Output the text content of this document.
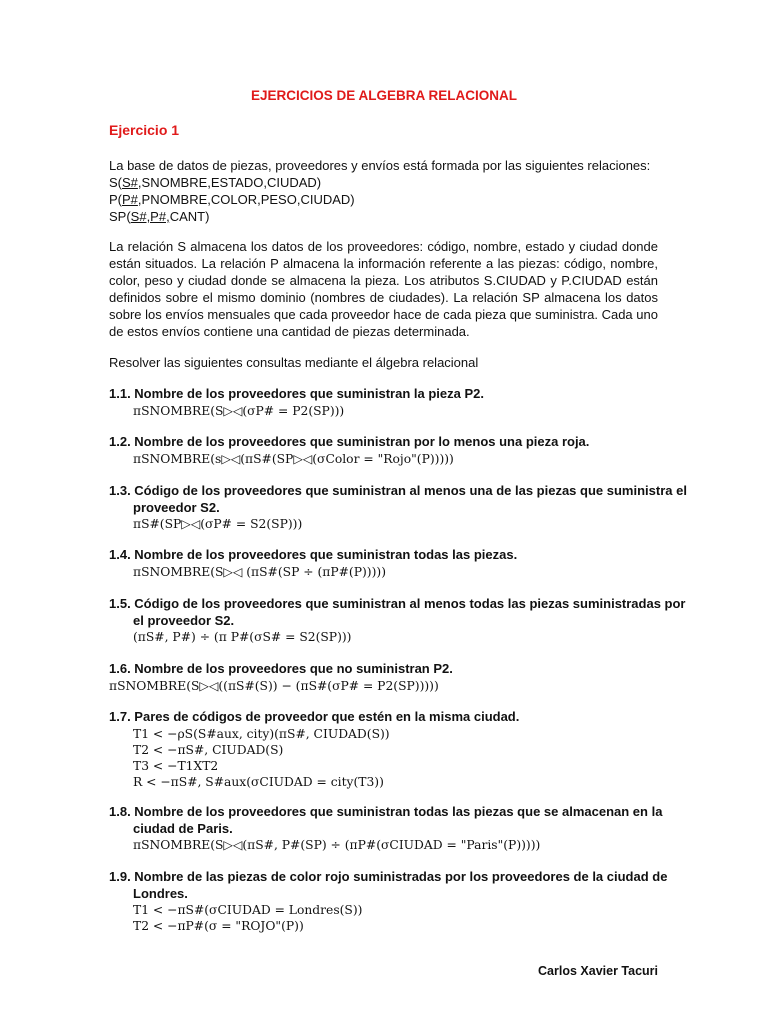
EJERCICIOS DE ALGEBRA RELACIONAL
Ejercicio 1
La base de datos de piezas, proveedores y envíos está formada por las siguientes relaciones:
S(S#,SNOMBRE,ESTADO,CIUDAD)
P(P#,PNOMBRE,COLOR,PESO,CIUDAD)
SP(S#,P#,CANT)
La relación S almacena los datos de los proveedores: código, nombre, estado y ciudad donde están situados. La relación P almacena la información referente a las piezas: código, nombre, color, peso y ciudad donde se almacena la pieza. Los atributos S.CIUDAD y P.CIUDAD están definidos sobre el mismo dominio (nombres de ciudades). La relación SP almacena los datos sobre los envíos mensuales que cada proveedor hace de cada pieza que suministra. Cada uno de estos envíos contiene una cantidad de piezas determinada.
Resolver las siguientes consultas mediante el álgebra relacional
1.1. Nombre de los proveedores que suministran la pieza P2.
πSNOMBRE(S▷◁(σP# = P2(SP)))
1.2. Nombre de los proveedores que suministran por lo menos una pieza roja.
πSNOMBRE(s▷◁(πS#(SP▷◁(σColor = "Rojo"(P)))))
1.3. Código de los proveedores que suministran al menos una de las piezas que suministra el
proveedor S2.
πS#(SP▷◁(σP# = S2(SP)))
1.4. Nombre de los proveedores que suministran todas las piezas.
πSNOMBRE(S▷◁ (πS#(SP ÷ (πP#(P)))))
1.5. Código de los proveedores que suministran al menos todas las piezas suministradas por
el proveedor S2.
(πS#, P#) ÷ (π P#(σS# = S2(SP)))
1.6. Nombre de los proveedores que no suministran P2.
πSNOMBRE(S▷◁((πS#(S)) − (πS#(σP# = P2(SP)))))
1.7. Pares de códigos de proveedor que estén en la misma ciudad.
T1 < −ρS(S#aux, city)(πS#, CIUDAD(S))
T2 < −πS#, CIUDAD(S)
T3 < −T1XT2
R < −πS#, S#aux(σCIUDAD = city(T3))
1.8. Nombre de los proveedores que suministran todas las piezas que se almacenan en la
ciudad de Paris.
πSNOMBRE(S▷◁(πS#, P#(SP) ÷ (πP#(σCIUDAD = "Paris"(P)))))
1.9. Nombre de las piezas de color rojo suministradas por los proveedores de la ciudad de
Londres.
T1 < −πS#(σCIUDAD = Londres(S))
T2 < −πP#(σ = "ROJO"(P))
Carlos Xavier Tacuri
